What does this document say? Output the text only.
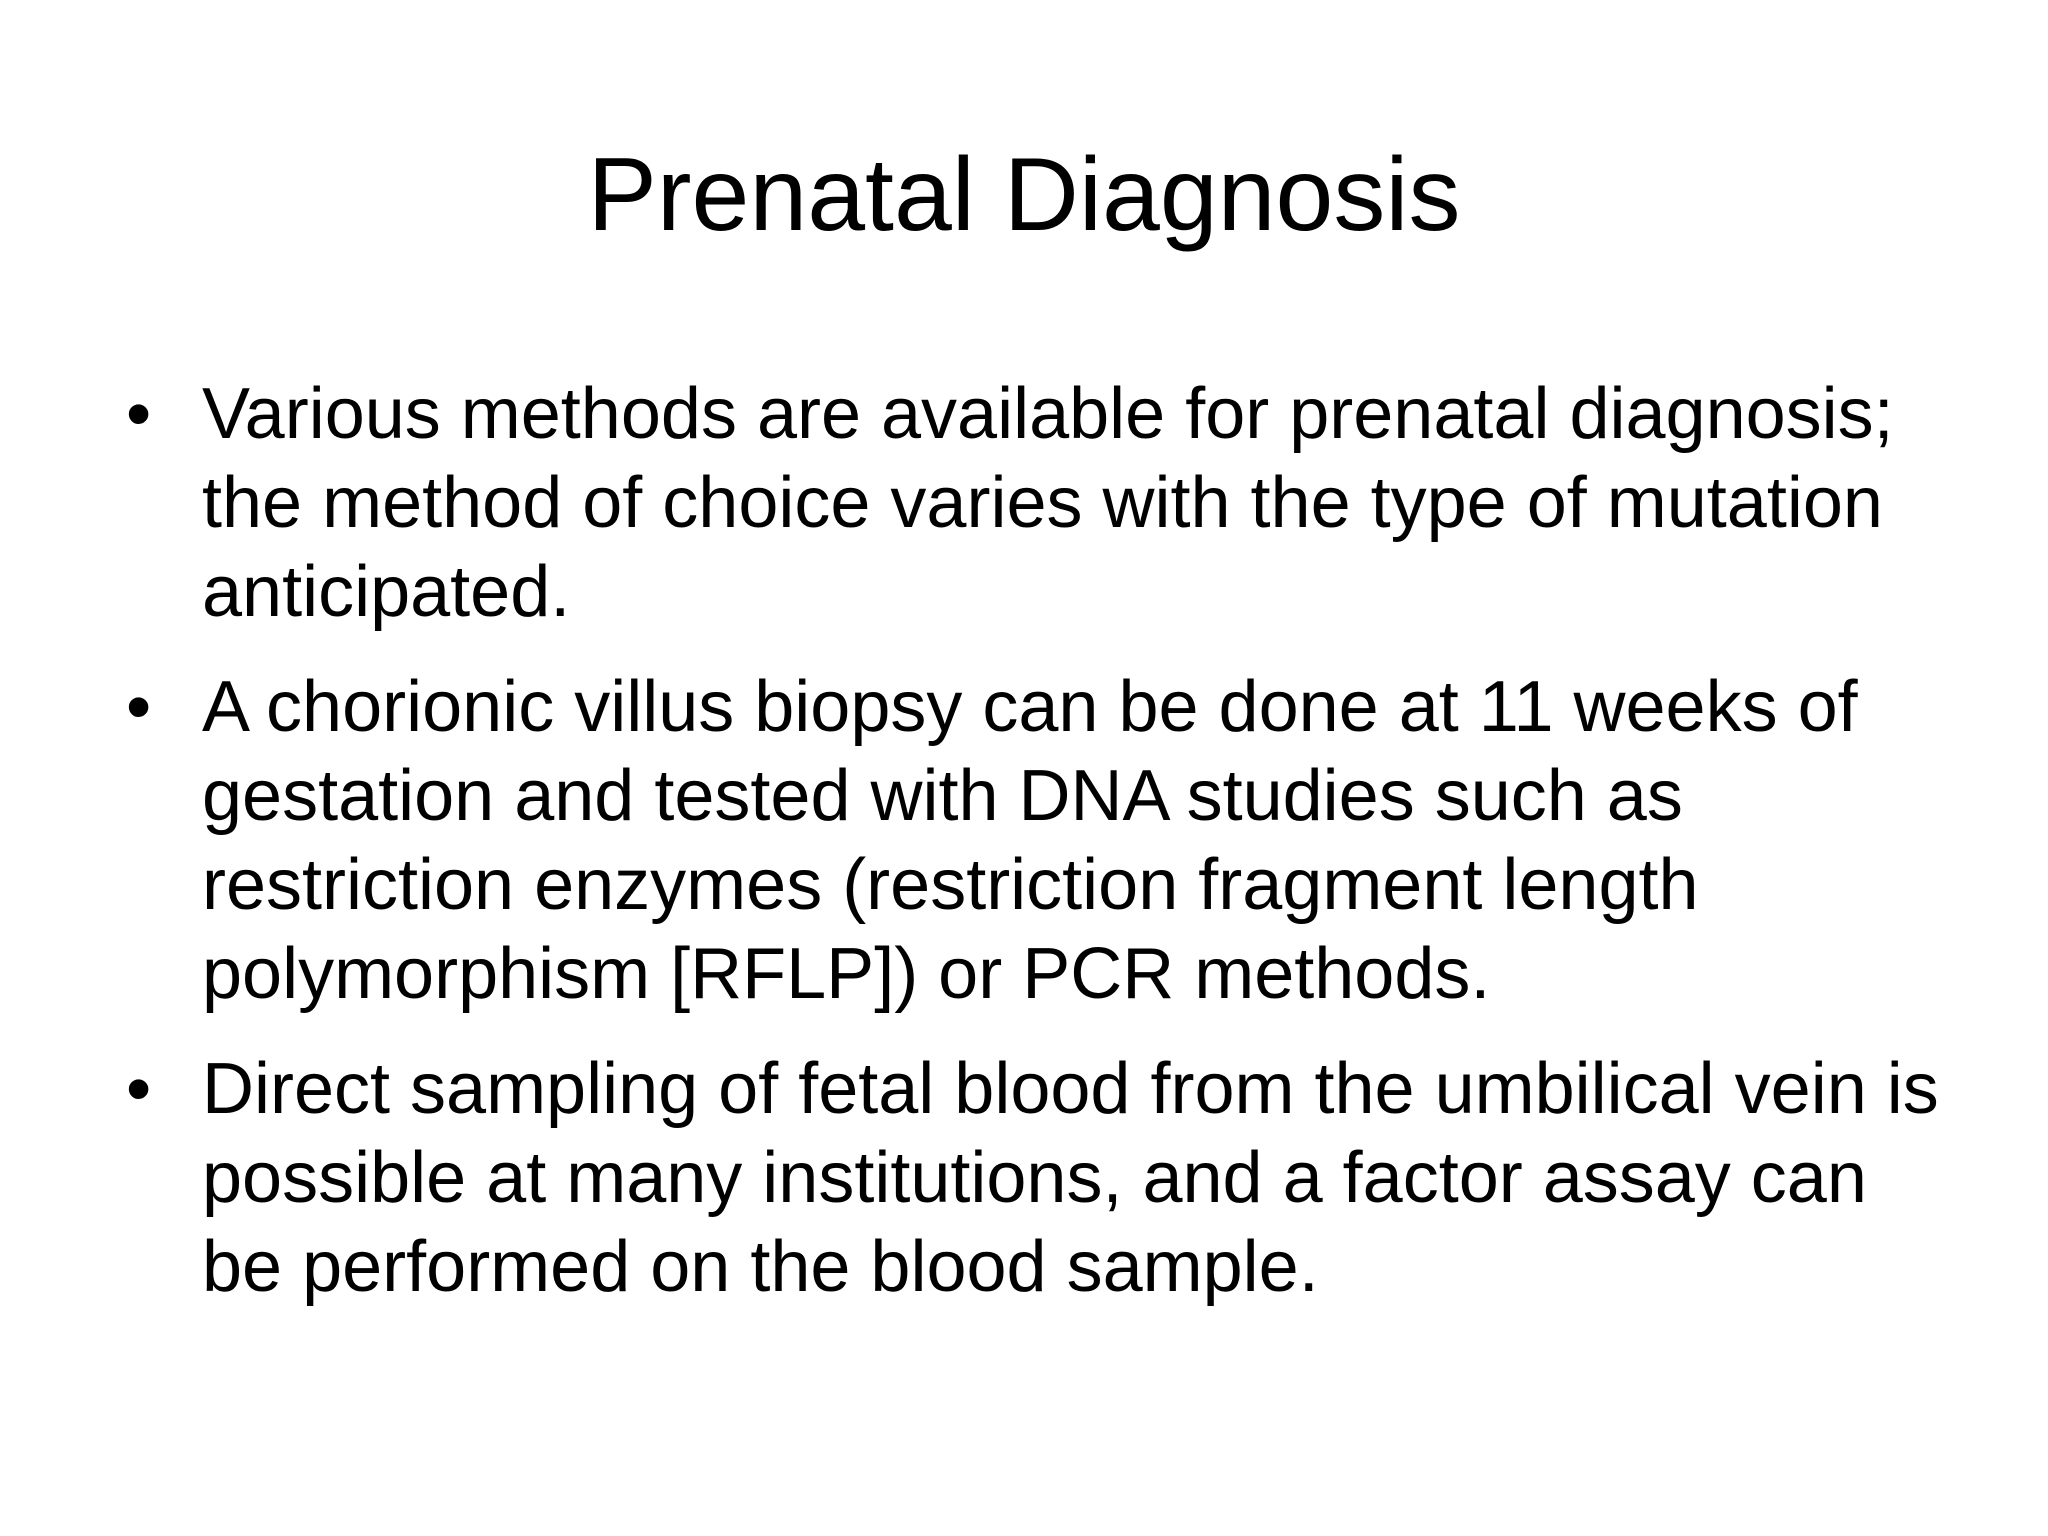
Prenatal Diagnosis
• Various methods are available for prenatal diagnosis; the method of choice varies with the type of mutation anticipated.
• A chorionic villus biopsy can be done at 11 weeks of gestation and tested with DNA studies such as restriction enzymes (restriction fragment length polymorphism [RFLP]) or PCR methods.
• Direct sampling of fetal blood from the umbilical vein is possible at many institutions, and a factor assay can be performed on the blood sample.
